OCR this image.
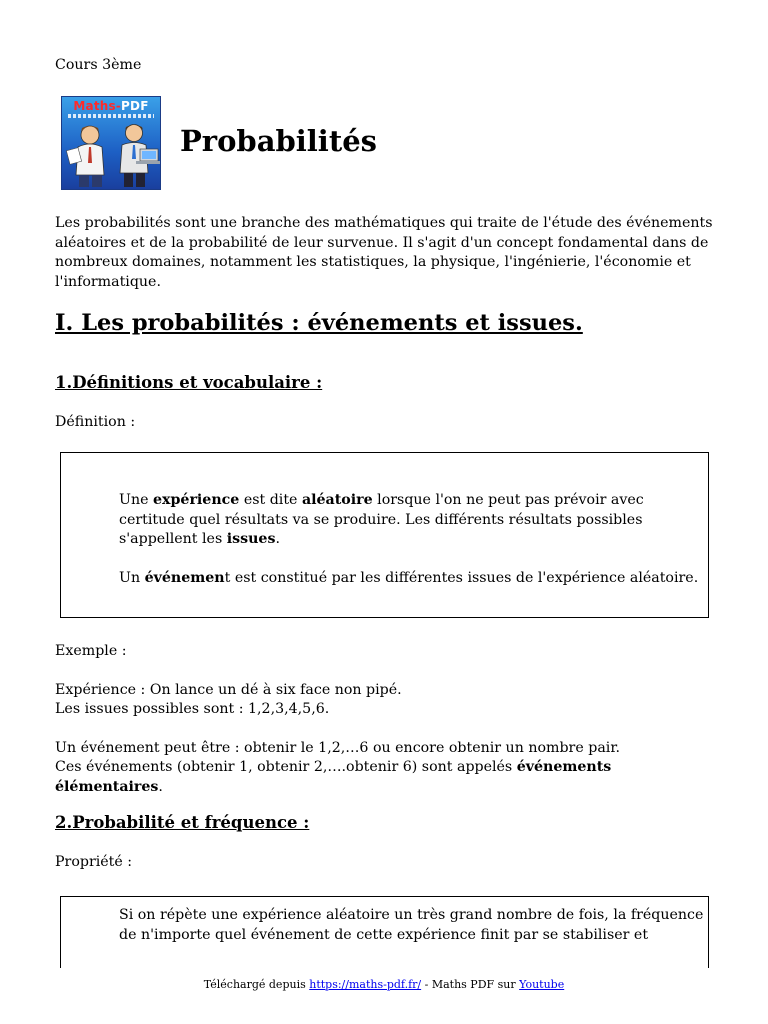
Cours 3ème
Maths-PDF
Probabilités
Les probabilités sont une branche des mathématiques qui traite de l'étude des événements aléatoires et de la probabilité de leur survenue. Il s'agit d'un concept fondamental dans de nombreux domaines, notamment les statistiques, la physique, l'ingénierie, l'économie et l'informatique.
I. Les probabilités : événements et issues.
1.Définitions et vocabulaire :
Définition :
Une expérience est dite aléatoire lorsque l'on ne peut pas prévoir avec
certitude quel résultats va se produire. Les différents résultats possibles
s'appellent les issues.
Un événement est constitué par les différentes issues de l'expérience aléatoire.
Exemple :
Expérience : On lance un dé à six face non pipé.
Les issues possibles sont : 1,2,3,4,5,6.
Un événement peut être : obtenir le 1,2,…6 ou encore obtenir un nombre pair.
Ces événements (obtenir 1, obtenir 2,….obtenir 6) sont appelés événements
élémentaires.
2.Probabilité et fréquence :
Propriété :
Si on répète une expérience aléatoire un très grand nombre de fois, la fréquence
de n'importe quel événement de cette expérience finit par se stabiliser et
Téléchargé depuis https://maths-pdf.fr/ - Maths PDF sur Youtube
